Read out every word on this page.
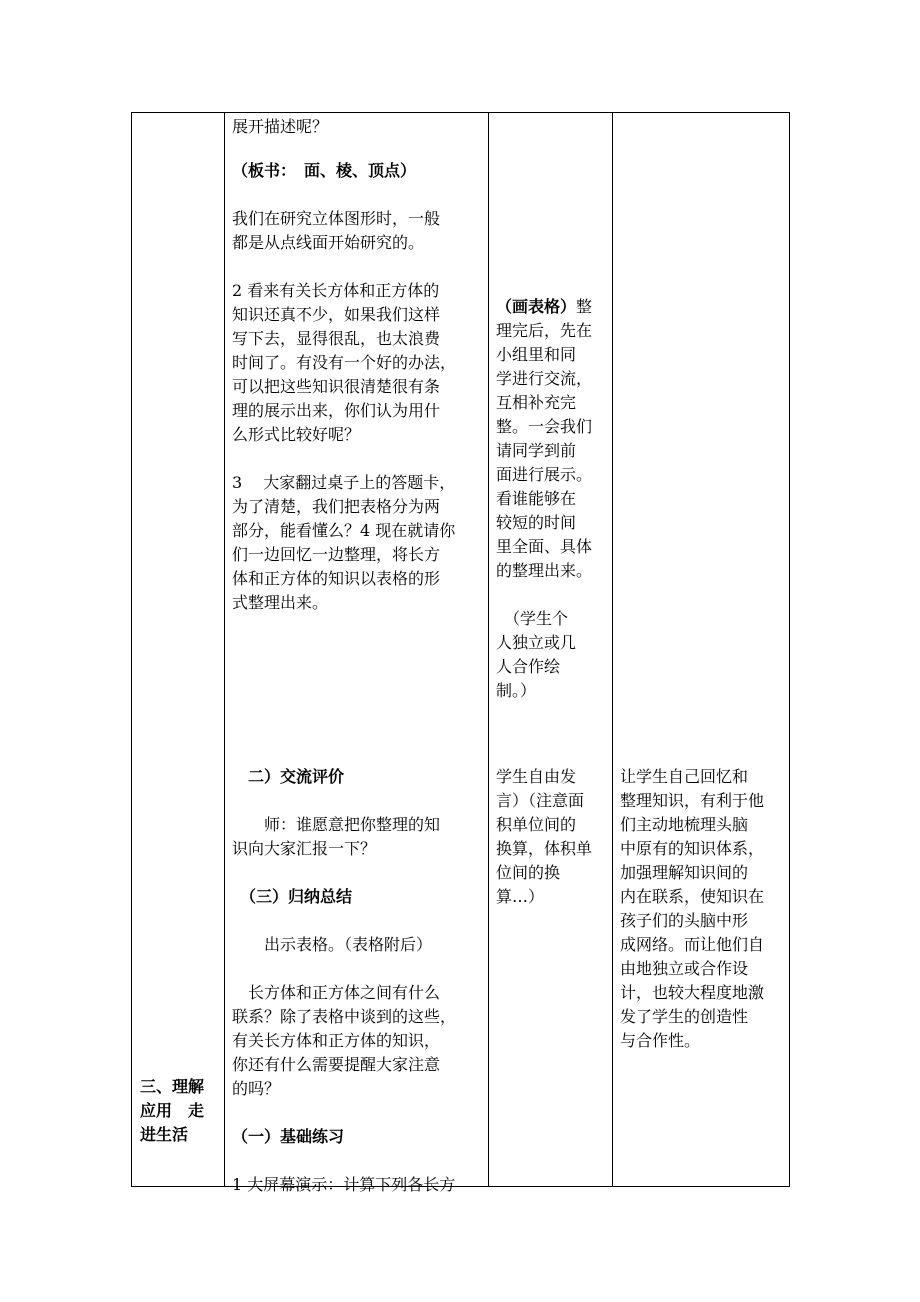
三、理解

应用　走

进生活

展开描述呢？

（板书：　面、棱、顶点）

我们在研究立体图形时，一般

都是从点线面开始研究的。

2 看来有关长方体和正方体的

知识还真不少，如果我们这样

写下去，显得很乱，也太浪费

时间了。有没有一个好的办法，

可以把这些知识很清楚很有条

理的展示出来，你们认为用什

么形式比较好呢？

3　 大家翻过桌子上的答题卡，

为了清楚，我们把表格分为两

部分，能看懂么？4 现在就请你

们一边回忆一边整理，将长方

体和正方体的知识以表格的形

式整理出来。

　二）交流评价

　　师：谁愿意把你整理的知

识向大家汇报一下？

　（三）归纳总结

　　出示表格。（表格附后）

　长方体和正方体之间有什么

联系？除了表格中谈到的这些，

有关长方体和正方体的知识，

你还有什么需要提醒大家注意

的吗？

（一）基础练习

1 大屏幕演示：计算下列各长方

（画表格）整

理完后，先在

小组里和同

学进行交流，

互相补充完

整。一会我们

请同学到前

面进行展示。

看谁能够在

较短的时间

里全面、具体

的整理出来。

　（学生个

人独立或几

人合作绘

制。）

学生自由发

言）（注意面

积单位间的

换算，体积单

位间的换

算…）

让学生自己回忆和

整理知识，有利于他

们主动地梳理头脑

中原有的知识体系，

加强理解知识间的

内在联系，使知识在

孩子们的头脑中形

成网络。而让他们自

由地独立或合作设

计，也较大程度地激

发了学生的创造性

与合作性。
